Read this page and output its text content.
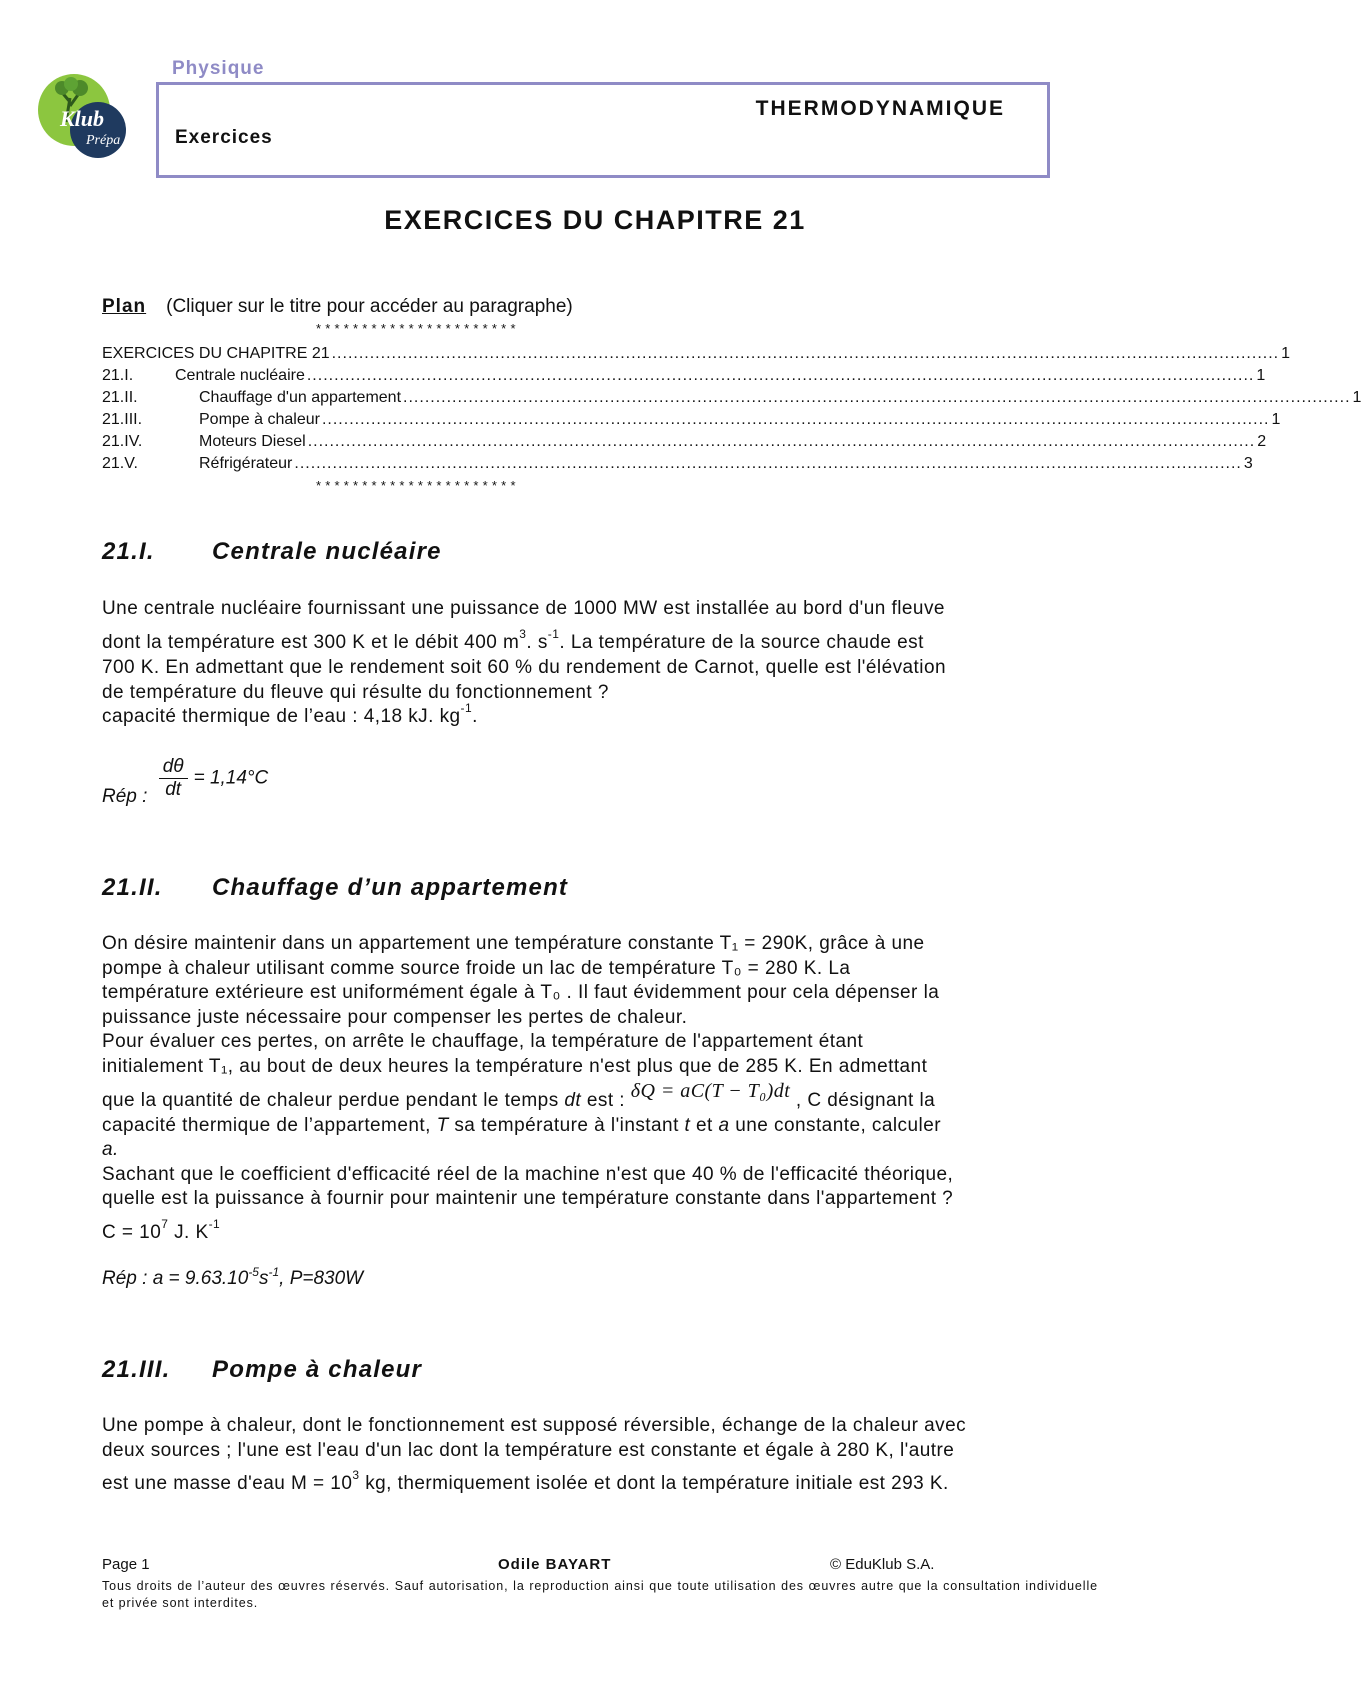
Physique
Klub
Prépa	Exercices
THERMODYNAMIQUE
EXERCICES DU CHAPITRE 21
Plan (Cliquer sur le titre pour accéder au paragraphe)
**********************
EXERCICES DU CHAPITRE 21 .............................................................................................................................................................................. 1
21.I.	Centrale nucléaire .............................................................................................................................................................................. 1
21.II.	Chauffage d'un appartement .............................................................................................................................................................................. 1
21.III.	Pompe à chaleur .............................................................................................................................................................................. 1
21.IV.	Moteurs Diesel .............................................................................................................................................................................. 2
21.V.	Réfrigérateur .............................................................................................................................................................................. 3
**********************
21.I. Centrale nucléaire

Une centrale nucléaire fournissant une puissance de 1000 MW est installée au bord d'un fleuve

dont la température est 300 K et le débit 400 $m^3$. $s^{-1}$. La température de la source chaude est

700 K. En admettant que le rendement soit 60 % du rendement de Carnot, quelle est l'élévation

de température du fleuve qui résulte du fonctionnement ?

capacité thermique de l’eau : 4,18 kJ. $kg^{-1}$.

Rép : $\frac{d\theta}{dt} = 1,14^\circ C$
21.II. Chauffage d’un appartement

On désire maintenir dans un appartement une température constante T₁ = 290K, grâce à une

pompe à chaleur utilisant comme source froide un lac de température T₀ = 280 K. La

température extérieure est uniformément égale à T₀ . Il faut évidemment pour cela dépenser la

puissance juste nécessaire pour compenser les pertes de chaleur.

Pour évaluer ces pertes, on arrête le chauffage, la température de l'appartement étant

initialement T₁, au bout de deux heures la température n'est plus que de 285 K. En admettant

que la quantité de chaleur perdue pendant le temps dt est : δQ = aC(T − T₀)dt , C désignant la

capacité thermique de l’appartement, T sa température à l'instant t et a une constante, calculer

a.

Sachant que le coefficient d'efficacité réel de la machine n'est que 40 % de l'efficacité théorique,

quelle est la puissance à fournir pour maintenir une température constante dans l'appartement ?

$C = 10^7$ J. $K^{-1}$

Rép : $a = 9.63.10^{-5}s^{-1}$, P=830W
21.III. Pompe à chaleur

Une pompe à chaleur, dont le fonctionnement est supposé réversible, échange de la chaleur avec

deux sources ; l'une est l'eau d'un lac dont la température est constante et égale à 280 K, l'autre

est une masse d'eau $M = 10^3$ kg, thermiquement isolée et dont la température initiale est 293 K.

Page 1	Odile BAYART	© EduKlub S.A.
Tous droits de l’auteur des œuvres réservés. Sauf autorisation, la reproduction ainsi que toute utilisation des œuvres autre que la consultation individuelle et privée sont interdites.
